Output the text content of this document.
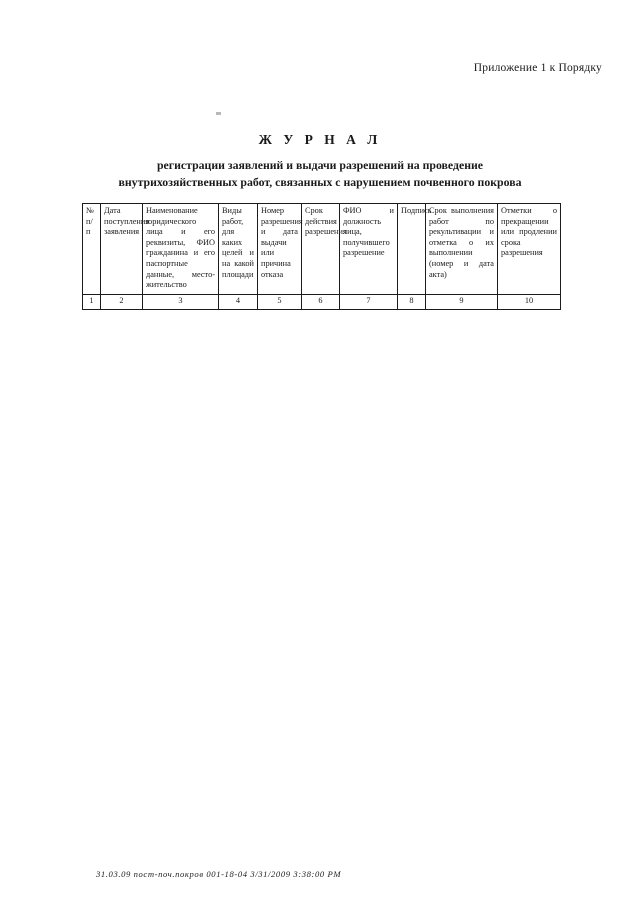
Приложение 1 к Порядку
Ж У Р Н А Л
регистрации заявлений и выдачи разрешений на проведение
внутрихозяйственных работ, связанных с нарушением почвенного покрова
№ п/п	Дата поступления заявления	Наименование юридического лица и его реквизиты, ФИО гражданина и его паспортные данные, место-жительство	Виды работ, для каких целей и на какой площади	Номер разрешения и дата выдачи или причина отказа	Срок действия разрешения	ФИО и должность лица, получившего разрешение	Подпись	Срок выполнения работ по рекультивации и отметка о их выполнении (номер и дата акта)	Отметки о прекращении или продлении срока разрешения
1	2	3	4	5	6	7	8	9	10
31.03.09 пост-поч.покров 001-18-04 3/31/2009 3:38:00 PM
